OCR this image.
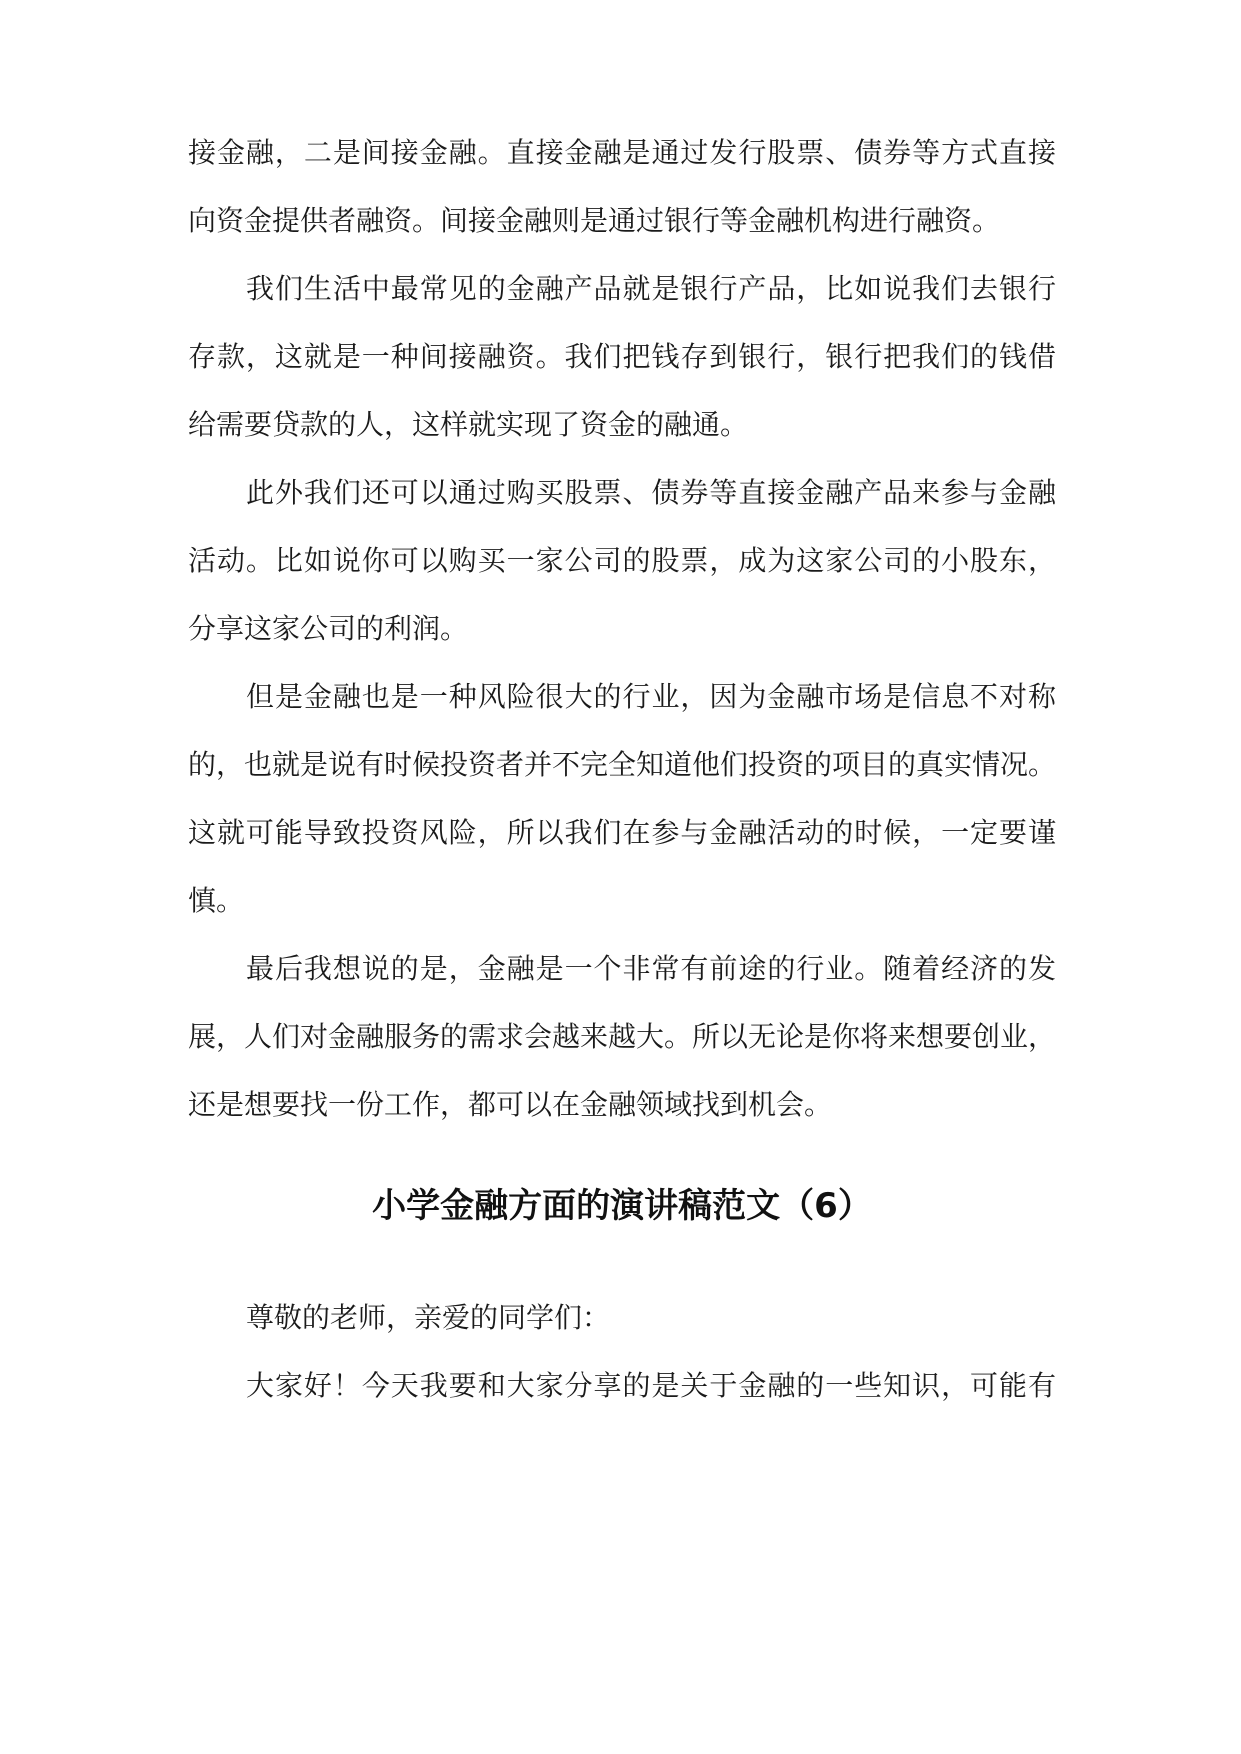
接金融，二是间接金融。直接金融是通过发行股票、债券等方式直接
向资金提供者融资。间接金融则是通过银行等金融机构进行融资。
我们生活中最常见的金融产品就是银行产品，比如说我们去银行
存款，这就是一种间接融资。我们把钱存到银行，银行把我们的钱借
给需要贷款的人，这样就实现了资金的融通。
此外我们还可以通过购买股票、债券等直接金融产品来参与金融
活动。比如说你可以购买一家公司的股票，成为这家公司的小股东，
分享这家公司的利润。
但是金融也是一种风险很大的行业，因为金融市场是信息不对称
的，也就是说有时候投资者并不完全知道他们投资的项目的真实情况。
这就可能导致投资风险，所以我们在参与金融活动的时候，一定要谨
慎。
最后我想说的是，金融是一个非常有前途的行业。随着经济的发
展，人们对金融服务的需求会越来越大。所以无论是你将来想要创业，
还是想要找一份工作，都可以在金融领域找到机会。
小学金融方面的演讲稿范文（6）
尊敬的老师，亲爱的同学们：
大家好！今天我要和大家分享的是关于金融的一些知识，可能有
